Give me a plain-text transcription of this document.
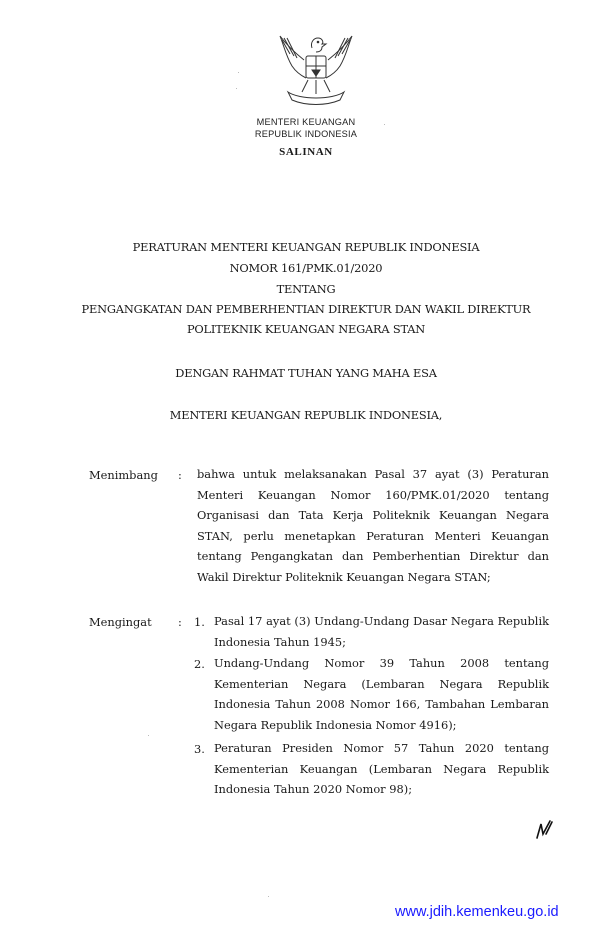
MENTERI KEUANGAN
REPUBLIK INDONESIA
SALINAN
PERATURAN MENTERI KEUANGAN REPUBLIK INDONESIA
NOMOR 161/PMK.01/2020
TENTANG
PENGANGKATAN DAN PEMBERHENTIAN DIREKTUR DAN WAKIL DIREKTUR
POLITEKNIK KEUANGAN NEGARA STAN
DENGAN RAHMAT TUHAN YANG MAHA ESA
MENTERI KEUANGAN REPUBLIK INDONESIA,
Menimbang : bahwa untuk melaksanakan Pasal 37 ayat (3) Peraturan Menteri Keuangan Nomor 160/PMK.01/2020 tentang Organisasi dan Tata Kerja Politeknik Keuangan Negara STAN, perlu menetapkan Peraturan Menteri Keuangan tentang Pengangkatan dan Pemberhentian Direktur dan Wakil Direktur Politeknik Keuangan Negara STAN;
Mengingat : 1. Pasal 17 ayat (3) Undang-Undang Dasar Negara Republik Indonesia Tahun 1945;
2. Undang-Undang Nomor 39 Tahun 2008 tentang Kementerian Negara (Lembaran Negara Republik Indonesia Tahun 2008 Nomor 166, Tambahan Lembaran Negara Republik Indonesia Nomor 4916);
3. Peraturan Presiden Nomor 57 Tahun 2020 tentang Kementerian Keuangan (Lembaran Negara Republik Indonesia Tahun 2020 Nomor 98);
www.jdih.kemenkeu.go.id
